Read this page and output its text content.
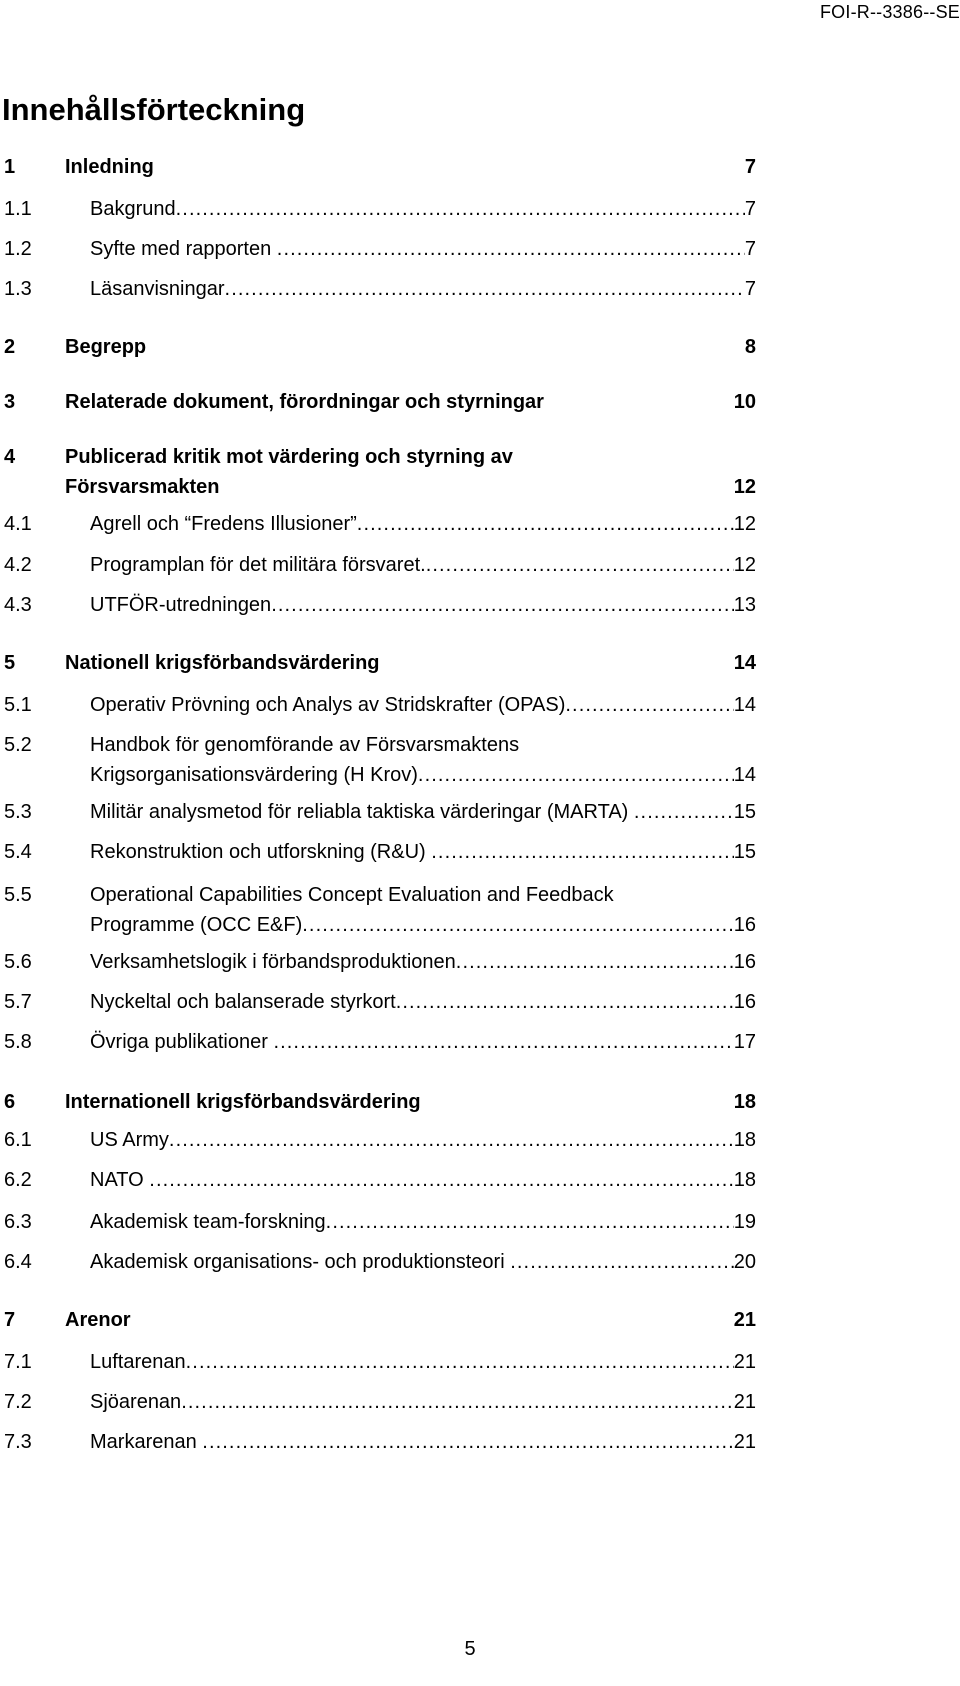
FOI-R--3386--SE
Innehållsförteckning
1 Inledning	7
1.1	Bakgrund .....	7
1.2	Syfte med rapporten .....	7
1.3	Läsanvisningar .....	7
2 Begrepp	8
3 Relaterade dokument, förordningar och styrningar	10
4 Publicerad kritik mot värdering och styrning av
Försvarsmakten	12
4.1	Agrell och “Fredens Illusioner” .....	12
4.2	Programplan för det militära försvaret. .....	12
4.3	UTFÖR-utredningen .....	13
5 Nationell krigsförbandsvärdering	14
5.1	Operativ Prövning och Analys av Stridskrafter (OPAS) .....	14
5.2	Handbok för genomförande av Försvarsmaktens
Krigsorganisationsvärdering (H Krov) .....	14
5.3	Militär analysmetod för reliabla taktiska värderingar (MARTA) .....	15
5.4	Rekonstruktion och utforskning (R&U) .....	15
5.5	Operational Capabilities Concept Evaluation and Feedback
Programme (OCC E&F) .....	16
5.6	Verksamhetslogik i förbandsproduktionen .....	16
5.7	Nyckeltal och balanserade styrkort .....	16
5.8	Övriga publikationer .....	17
6 Internationell krigsförbandsvärdering	18
6.1	US Army .....	18
6.2	NATO .....	18
6.3	Akademisk team-forskning .....	19
6.4	Akademisk organisations- och produktionsteori .....	20
7 Arenor	21
7.1	Luftarenan .....	21
7.2	Sjöarenan .....	21
7.3	Markarenan .....	21
5
